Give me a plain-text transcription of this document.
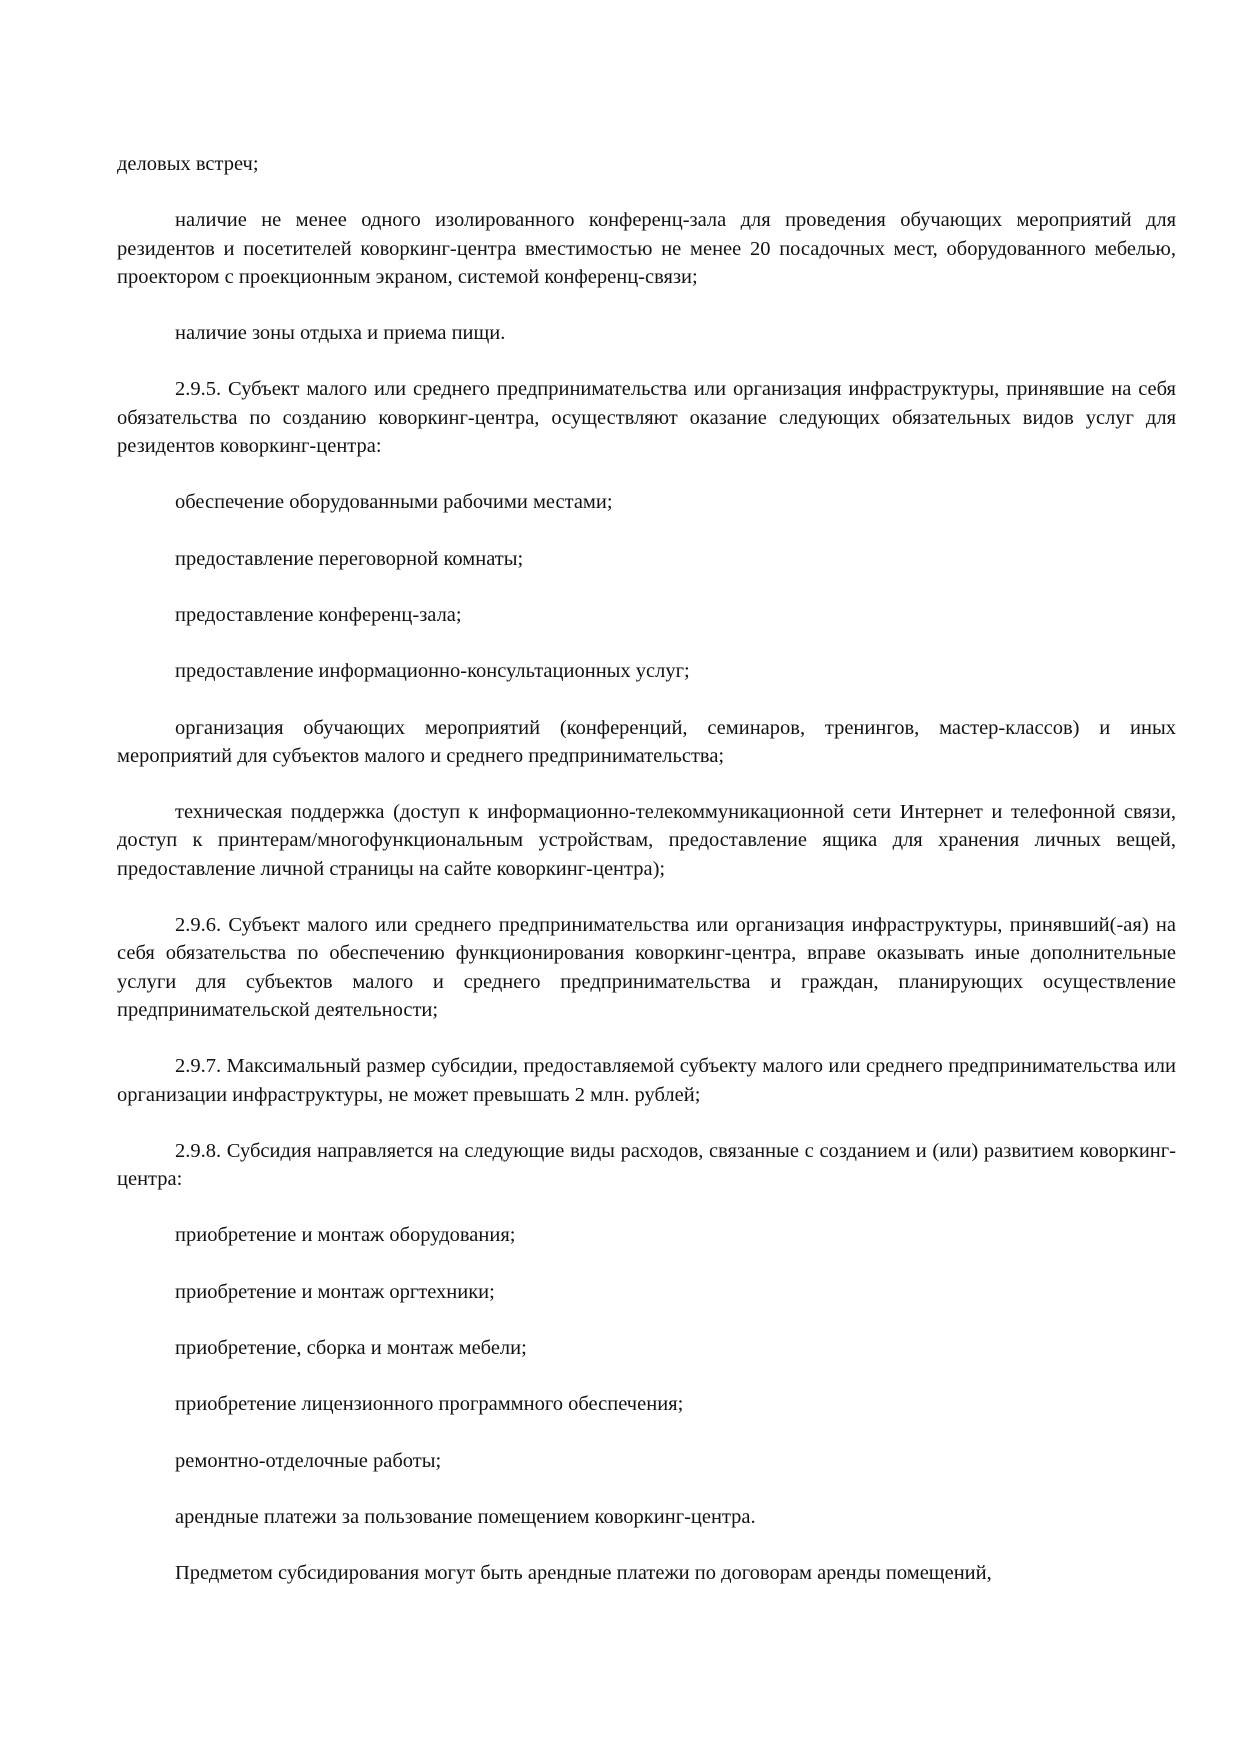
деловых встреч;

наличие не менее одного изолированного конференц-зала для проведения обучающих мероприятий для резидентов и посетителей коворкинг-центра вместимостью не менее 20 посадочных мест, оборудованного мебелью, проектором с проекционным экраном, системой конференц-связи;

наличие зоны отдыха и приема пищи.

2.9.5. Субъект малого или среднего предпринимательства или организация инфраструктуры, принявшие на себя обязательства по созданию коворкинг-центра, осуществляют оказание следующих обязательных видов услуг для резидентов коворкинг-центра:

обеспечение оборудованными рабочими местами;

предоставление переговорной комнаты;

предоставление конференц-зала;

предоставление информационно-консультационных услуг;

организация обучающих мероприятий (конференций, семинаров, тренингов, мастер-классов) и иных мероприятий для субъектов малого и среднего предпринимательства;

техническая поддержка (доступ к информационно-телекоммуникационной сети Интернет и телефонной связи, доступ к принтерам/многофункциональным устройствам, предоставление ящика для хранения личных вещей, предоставление личной страницы на сайте коворкинг-центра);

2.9.6. Субъект малого или среднего предпринимательства или организация инфраструктуры, принявший(-ая) на себя обязательства по обеспечению функционирования коворкинг-центра, вправе оказывать иные дополнительные услуги для субъектов малого и среднего предпринимательства и граждан, планирующих осуществление предпринимательской деятельности;

2.9.7. Максимальный размер субсидии, предоставляемой субъекту малого или среднего предпринимательства или организации инфраструктуры, не может превышать 2 млн. рублей;

2.9.8. Субсидия направляется на следующие виды расходов, связанные с созданием и (или) развитием коворкинг-центра:

приобретение и монтаж оборудования;

приобретение и монтаж оргтехники;

приобретение, сборка и монтаж мебели;

приобретение лицензионного программного обеспечения;

ремонтно-отделочные работы;

арендные платежи за пользование помещением коворкинг-центра.

Предметом субсидирования могут быть арендные платежи по договорам аренды помещений,
